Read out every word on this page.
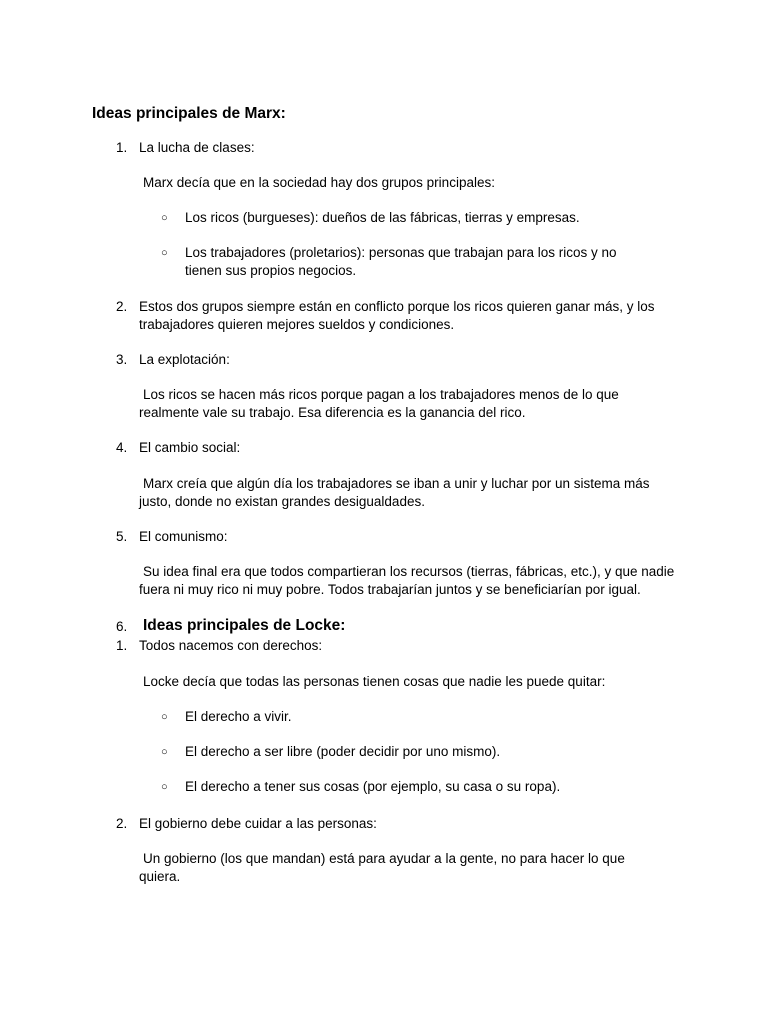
Ideas principales de Marx:
1. La lucha de clases:
Marx decía que en la sociedad hay dos grupos principales:
○ Los ricos (burgueses): dueños de las fábricas, tierras y empresas.
○ Los trabajadores (proletarios): personas que trabajan para los ricos y no tienen sus propios negocios.
2. Estos dos grupos siempre están en conflicto porque los ricos quieren ganar más, y los trabajadores quieren mejores sueldos y condiciones.
3. La explotación:
Los ricos se hacen más ricos porque pagan a los trabajadores menos de lo que realmente vale su trabajo. Esa diferencia es la ganancia del rico.
4. El cambio social:
Marx creía que algún día los trabajadores se iban a unir y luchar por un sistema más justo, donde no existan grandes desigualdades.
5. El comunismo:
Su idea final era que todos compartieran los recursos (tierras, fábricas, etc.), y que nadie fuera ni muy rico ni muy pobre. Todos trabajarían juntos y se beneficiarían por igual.
6. Ideas principales de Locke:
1. Todos nacemos con derechos:
Locke decía que todas las personas tienen cosas que nadie les puede quitar:
○ El derecho a vivir.
○ El derecho a ser libre (poder decidir por uno mismo).
○ El derecho a tener sus cosas (por ejemplo, su casa o su ropa).
2. El gobierno debe cuidar a las personas:
Un gobierno (los que mandan) está para ayudar a la gente, no para hacer lo que quiera.
